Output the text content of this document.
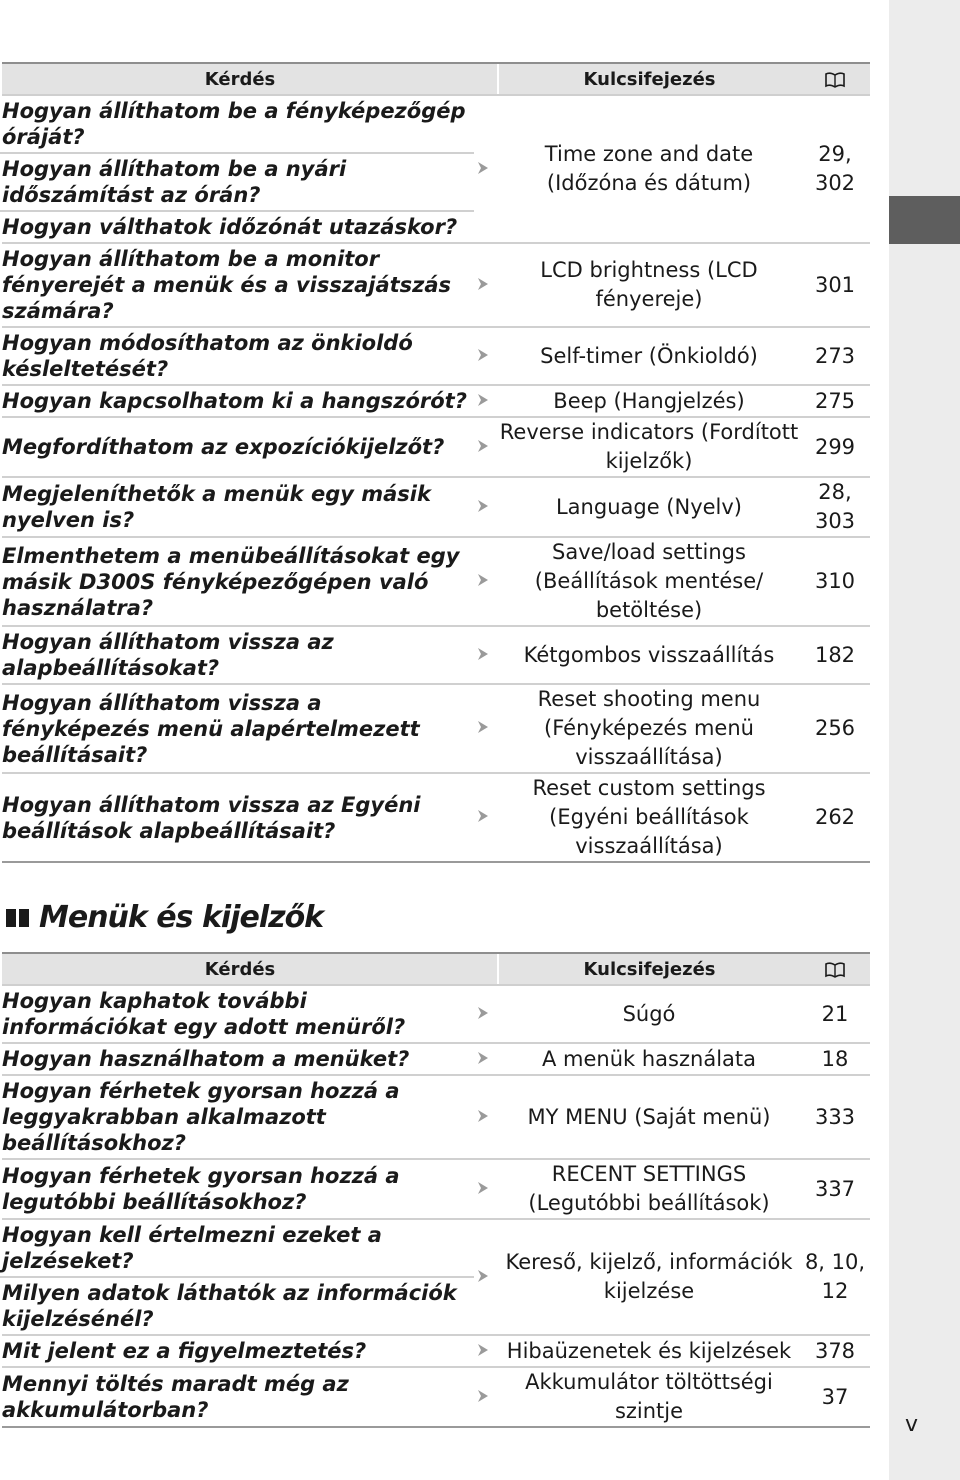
Kérdés		Kulcsifejezés	

Hogyan állíthatom be a fényképezőgép óráját?
Hogyan állíthatom be a nyári időszámítást az órán?
Hogyan válthatok időzónát utazáskor?		Time zone and date (Időzóna és dátum)	29, 302

Hogyan állíthatom be a monitor fényerejét a menük és a visszajátszás számára?		LCD brightness (LCD fényereje)	301

Hogyan módosíthatom az önkioldó késleltetését?		Self-timer (Önkioldó)	273

Hogyan kapcsolhatom ki a hangszórót?		Beep (Hangjelzés)	275

Megfordíthatom az expozíciókijelzőt?		Reverse indicators (Fordított kijelzők)	299

Megjeleníthetők a menük egy másik nyelven is?		Language (Nyelv)	28, 303

Elmenthetem a menübeállításokat egy másik D300S fényképezőgépen való használatra?		Save/load settings (Beállítások mentése/ betöltése)	310

Hogyan állíthatom vissza az alapbeállításokat?		Kétgombos visszaállítás	182

Hogyan állíthatom vissza a fényképezés menü alapértelmezett beállításait?		Reset shooting menu (Fényképezés menü visszaállítása)	256

Hogyan állíthatom vissza az Egyéni beállítások alapbeállításait?		Reset custom settings (Egyéni beállítások visszaállítása)	262
Menük és kijelzők
Kérdés		Kulcsifejezés	

Hogyan kaphatok további információkat egy adott menüről?		Súgó	21

Hogyan használhatom a menüket?		A menük használata	18

Hogyan férhetek gyorsan hozzá a leggyakrabban alkalmazott beállításokhoz?		MY MENU (Saját menü)	333

Hogyan férhetek gyorsan hozzá a legutóbbi beállításokhoz?		RECENT SETTINGS (Legutóbbi beállítások)	337

Hogyan kell értelmezni ezeket a jelzéseket?
Milyen adatok láthatók az információk kijelzésénél?		Kereső, kijelző, információk kijelzése	8, 10, 12

Mit jelent ez a figyelmeztetés?		Hibaüzenetek és kijelzések	378

Mennyi töltés maradt még az akkumulátorban?		Akkumulátor töltöttségi szintje	37
v
